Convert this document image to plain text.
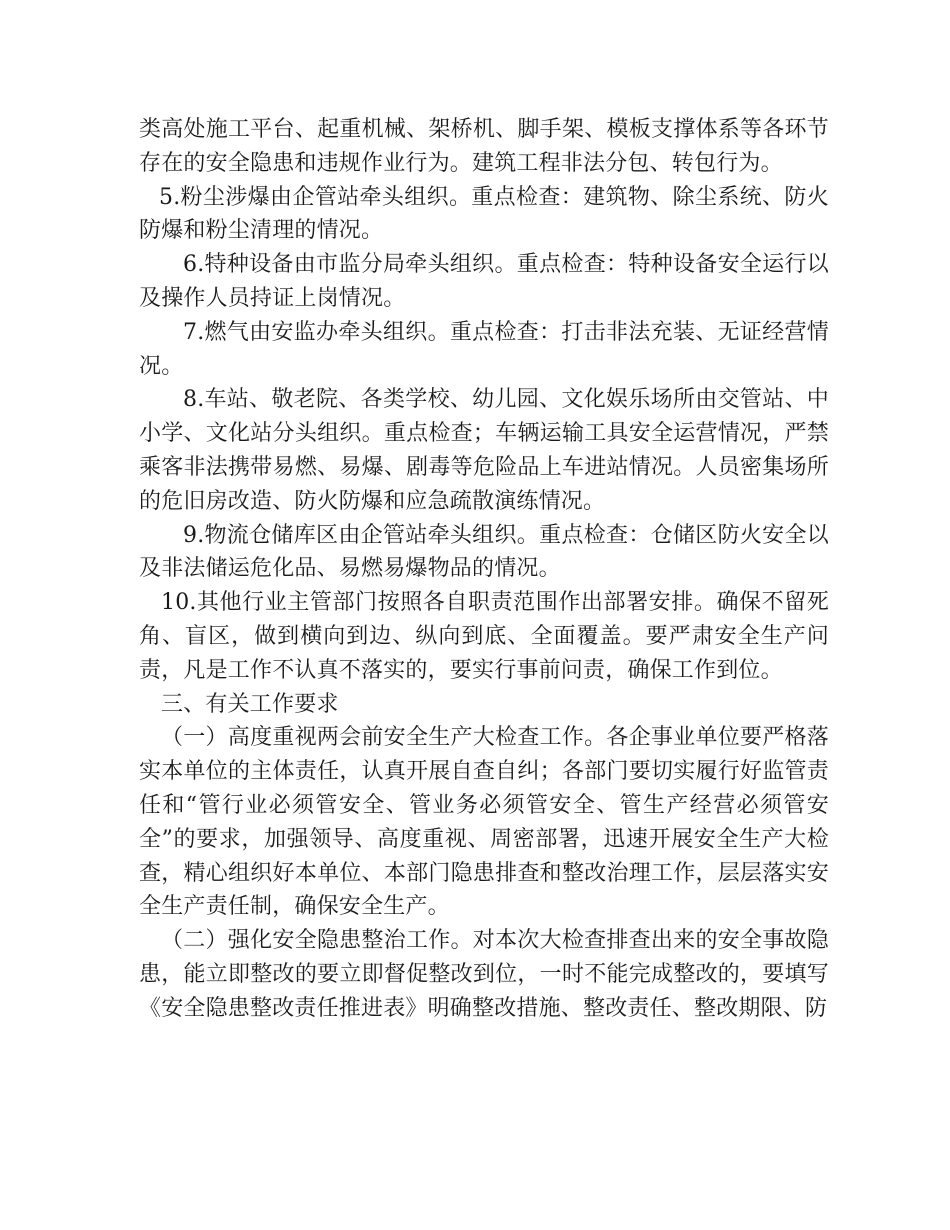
类高处施工平台、起重机械、架桥机、脚手架、模板支撑体系等各环节存在的安全隐患和违规作业行为。建筑工程非法分包、转包行为。

5.粉尘涉爆由企管站牵头组织。重点检查：建筑物、除尘系统、防火防爆和粉尘清理的情况。

6.特种设备由市监分局牵头组织。重点检查：特种设备安全运行以及操作人员持证上岗情况。

7.燃气由安监办牵头组织。重点检查：打击非法充装、无证经营情况。

8.车站、敬老院、各类学校、幼儿园、文化娱乐场所由交管站、中小学、文化站分头组织。重点检查；车辆运输工具安全运营情况，严禁乘客非法携带易燃、易爆、剧毒等危险品上车进站情况。人员密集场所的危旧房改造、防火防爆和应急疏散演练情况。

9.物流仓储库区由企管站牵头组织。重点检查：仓储区防火安全以及非法储运危化品、易燃易爆物品的情况。

10.其他行业主管部门按照各自职责范围作出部署安排。确保不留死角、盲区，做到横向到边、纵向到底、全面覆盖。要严肃安全生产问责，凡是工作不认真不落实的，要实行事前问责，确保工作到位。

三、有关工作要求

（一）高度重视两会前安全生产大检查工作。各企事业单位要严格落实本单位的主体责任，认真开展自查自纠；各部门要切实履行好监管责任和“管行业必须管安全、管业务必须管安全、管生产经营必须管安全”的要求，加强领导、高度重视、周密部署，迅速开展安全生产大检查，精心组织好本单位、本部门隐患排查和整改治理工作，层层落实安全生产责任制，确保安全生产。

（二）强化安全隐患整治工作。对本次大检查排查出来的安全事故隐患，能立即整改的要立即督促整改到位，一时不能完成整改的，要填写《安全隐患整改责任推进表》明确整改措施、整改责任、整改期限、防
